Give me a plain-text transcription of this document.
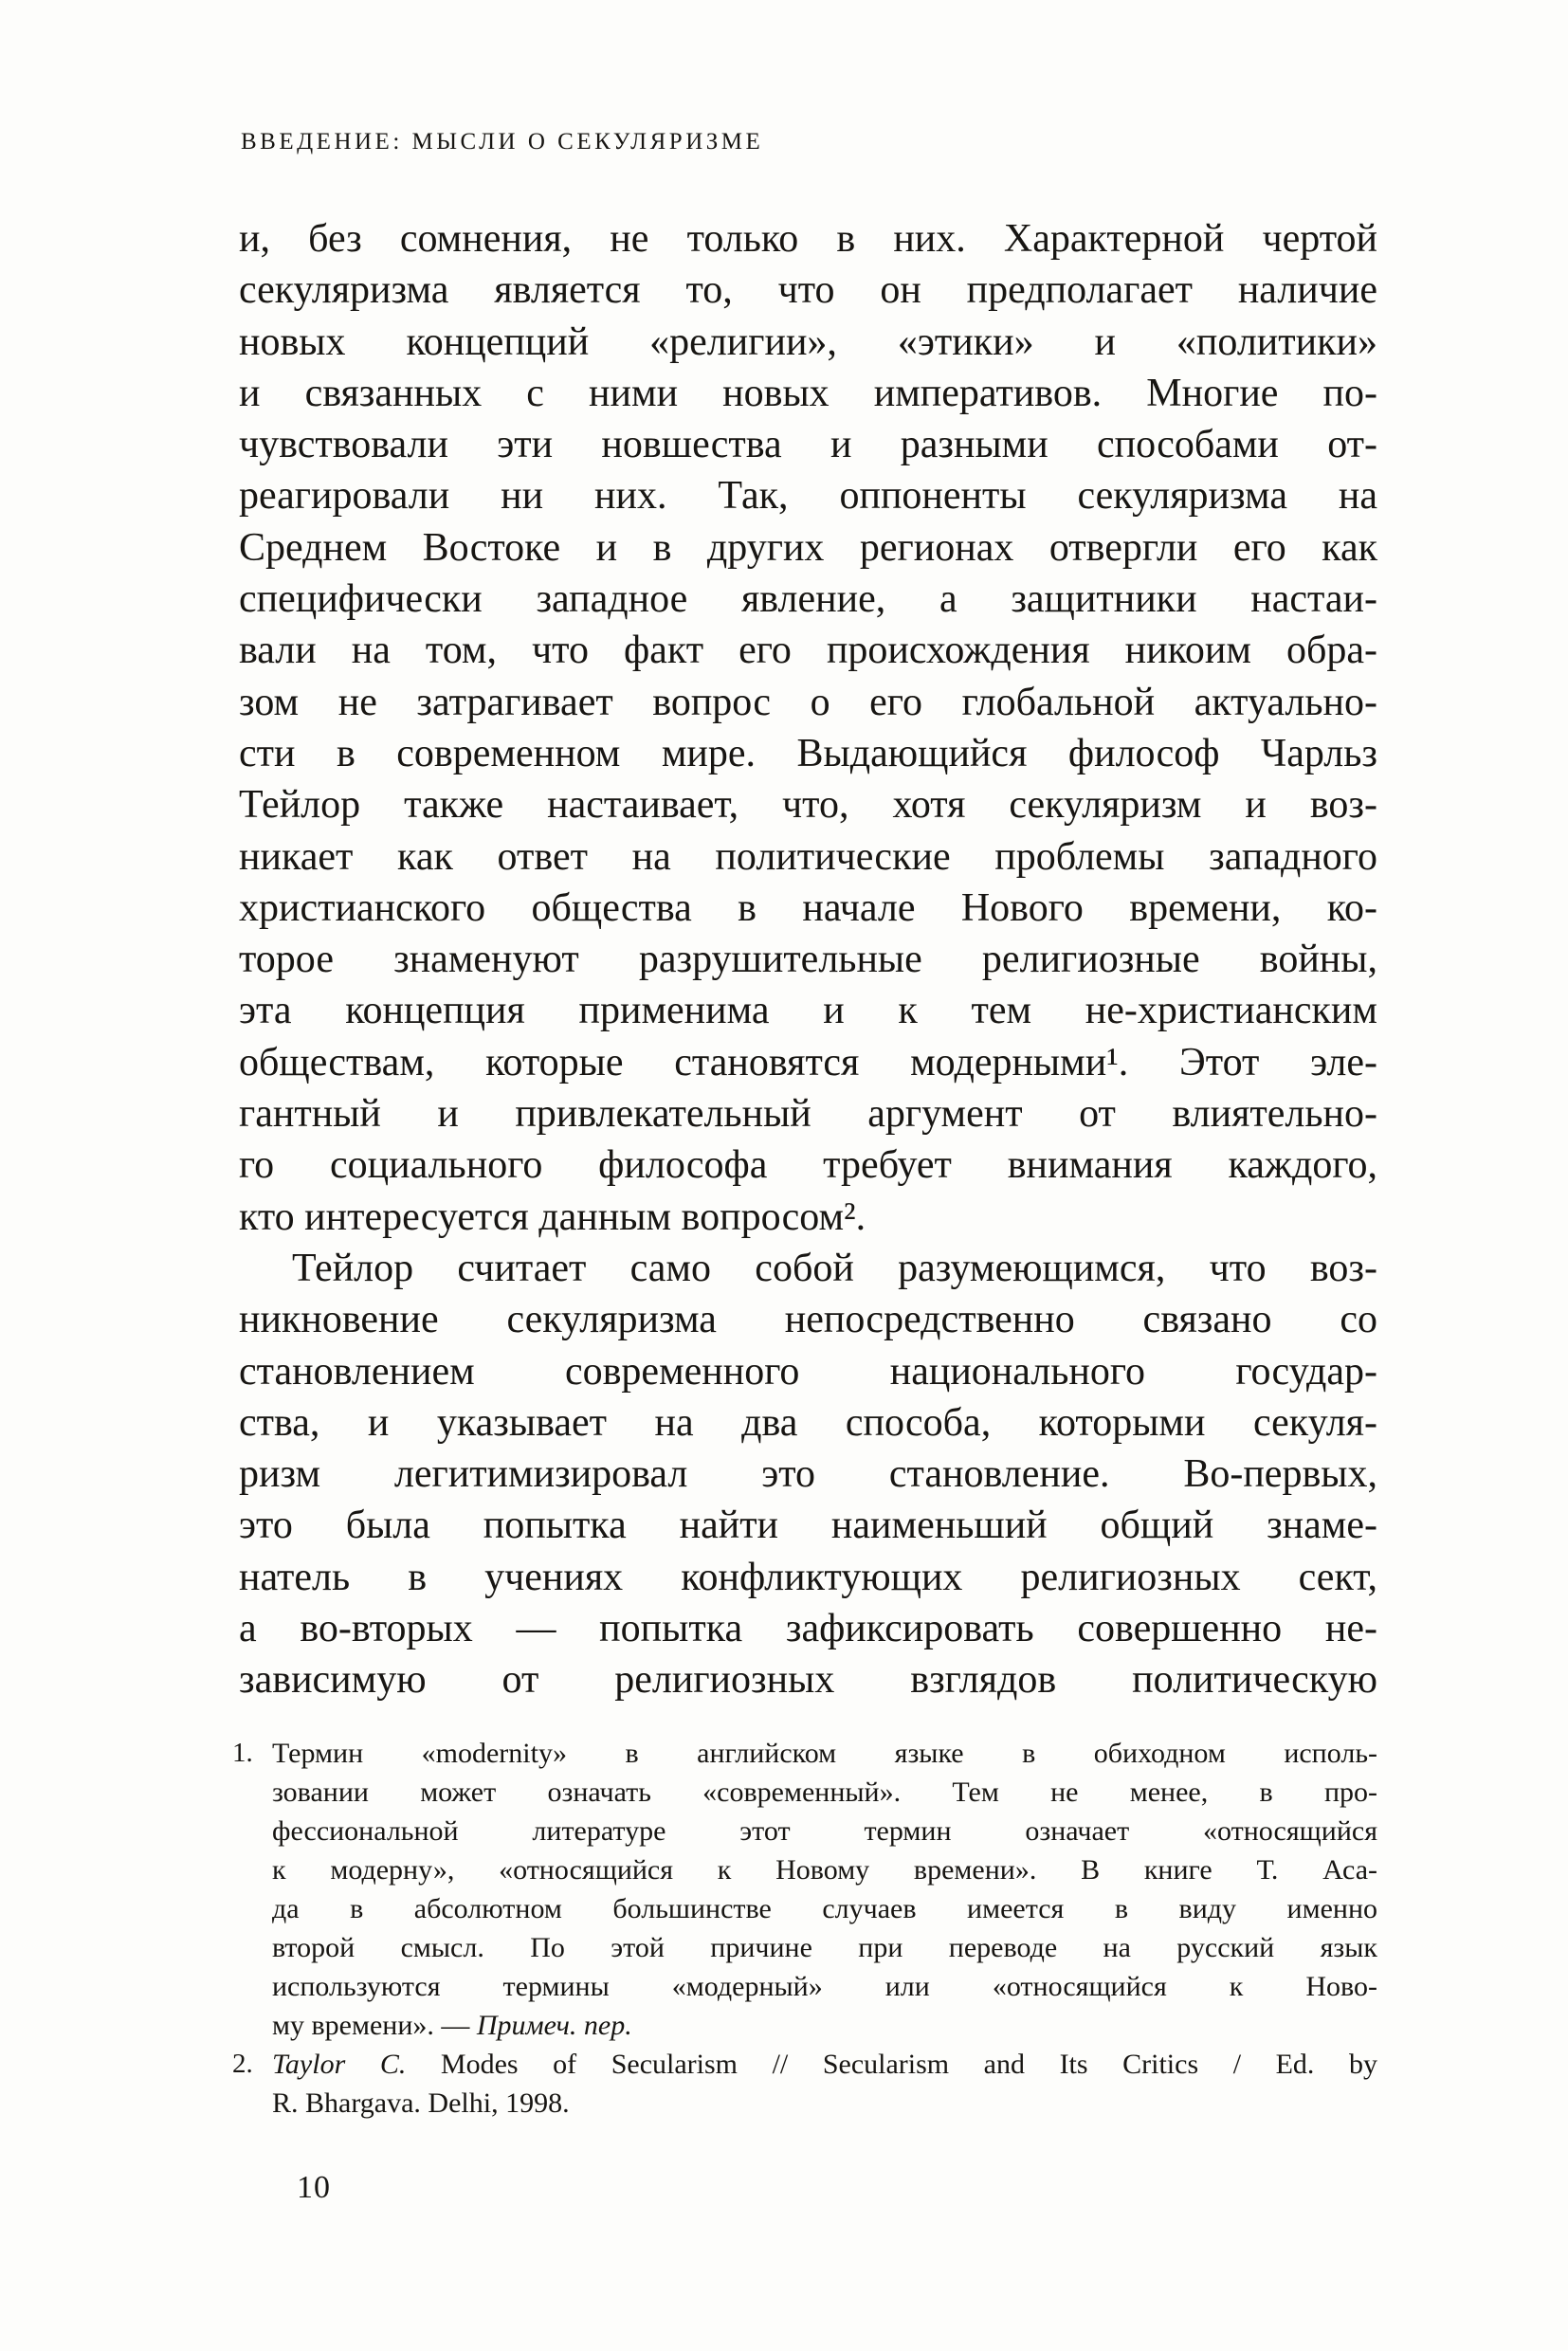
ВВЕДЕНИЕ: МЫСЛИ О СЕКУЛЯРИЗМЕ
и, без сомнения, не только в них. Характерной чертой
секуляризма является то, что он предполагает наличие
новых концепций «религии», «этики» и «политики»
и связанных с ними новых императивов. Многие по-
чувствовали эти новшества и разными способами от-
реагировали ни них. Так, оппоненты секуляризма на
Среднем Востоке и в других регионах отвергли его как
специфически западное явление, а защитники настаи-
вали на том, что факт его происхождения никоим обра-
зом не затрагивает вопрос о его глобальной актуально-
сти в современном мире. Выдающийся философ Чарльз
Тейлор также настаивает, что, хотя секуляризм и воз-
никает как ответ на политические проблемы западного
христианского общества в начале Нового времени, ко-
торое знаменуют разрушительные религиозные войны,
эта концепция применима и к тем не-христианским
обществам, которые становятся модерными¹. Этот эле-
гантный и привлекательный аргумент от влиятельно-
го социального философа требует внимания каждого,
кто интересуется данным вопросом².
Тейлор считает само собой разумеющимся, что воз-
никновение секуляризма непосредственно связано со
становлением современного национального государ-
ства, и указывает на два способа, которыми секуля-
ризм легитимизировал это становление. Во-первых,
это была попытка найти наименьший общий знаме-
натель в учениях конфликтующих религиозных сект,
а во-вторых — попытка зафиксировать совершенно не-
зависимую от религиозных взглядов политическую
1. Термин «modernity» в английском языке в обиходном исполь-
зовании может означать «современный». Тем не менее, в про-
фессиональной литературе этот термин означает «относящийся
к модерну», «относящийся к Новому времени». В книге Т. Аса-
да в абсолютном большинстве случаев имеется в виду именно
второй смысл. По этой причине при переводе на русский язык
используются термины «модерный» или «относящийся к Ново-
му времени». — Примеч. пер.
2. Taylor C. Modes of Secularism // Secularism and Its Critics / Ed. by
R. Bhargava. Delhi, 1998.
10
